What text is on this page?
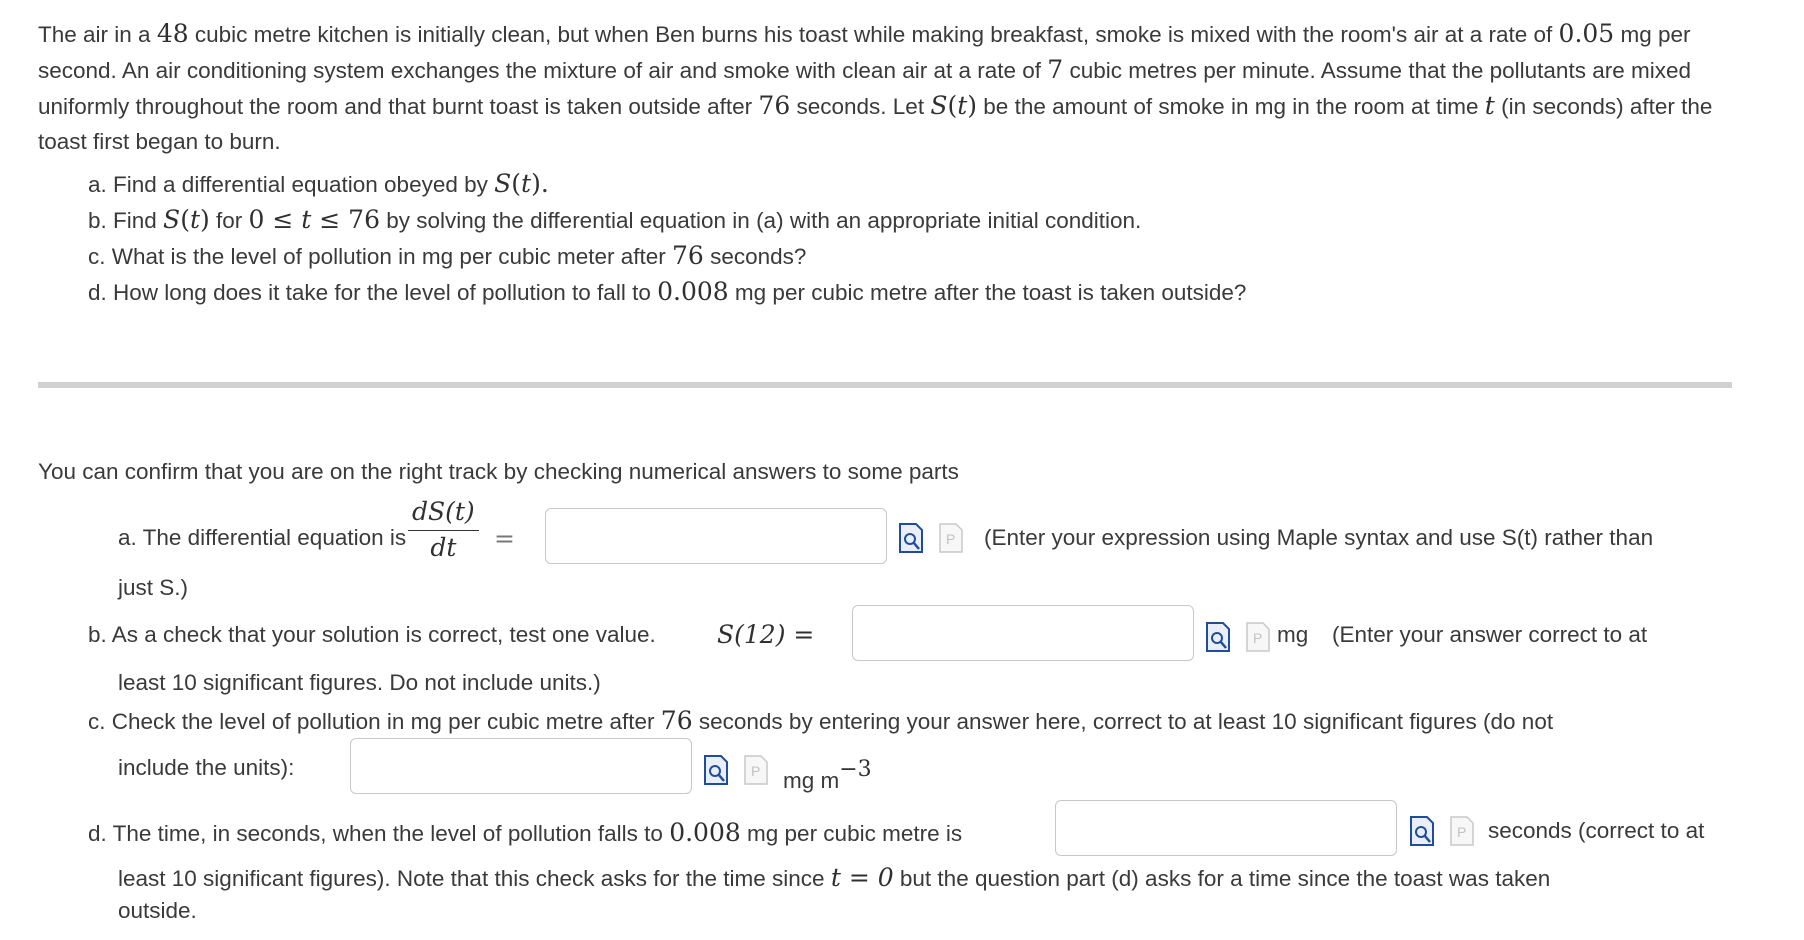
The air in a 48 cubic metre kitchen is initially clean, but when Ben burns his toast while making breakfast, smoke is mixed with the room's air at a rate of 0.05 mg per second. An air conditioning system exchanges the mixture of air and smoke with clean air at a rate of 7 cubic metres per minute. Assume that the pollutants are mixed uniformly throughout the room and that burnt toast is taken outside after 76 seconds. Let S(t) be the amount of smoke in mg in the room at time t (in seconds) after the toast first began to burn.
a. Find a differential equation obeyed by S(t).
b. Find S(t) for 0 ≤ t ≤ 76 by solving the differential equation in (a) with an appropriate initial condition.
c. What is the level of pollution in mg per cubic meter after 76 seconds?
d. How long does it take for the level of pollution to fall to 0.008 mg per cubic metre after the toast is taken outside?
You can confirm that you are on the right track by checking numerical answers to some parts
a. The differential equation is $\frac{dS(t)}{dt}$ =	P (Enter your expression using Maple syntax and use S(t) rather than
just S.)
b. As a check that your solution is correct, test one value. S(12) =	P mg (Enter your answer correct to at
least 10 significant figures. Do not include units.)
c. Check the level of pollution in mg per cubic metre after 76 seconds by entering your answer here, correct to at least 10 significant figures (do not
include the units):	P mg $m^{-3}$
d. The time, in seconds, when the level of pollution falls to 0.008 mg per cubic metre is	P seconds (correct to at
least 10 significant figures). Note that this check asks for the time since t = 0 but the question part (d) asks for a time since the toast was taken
outside.
